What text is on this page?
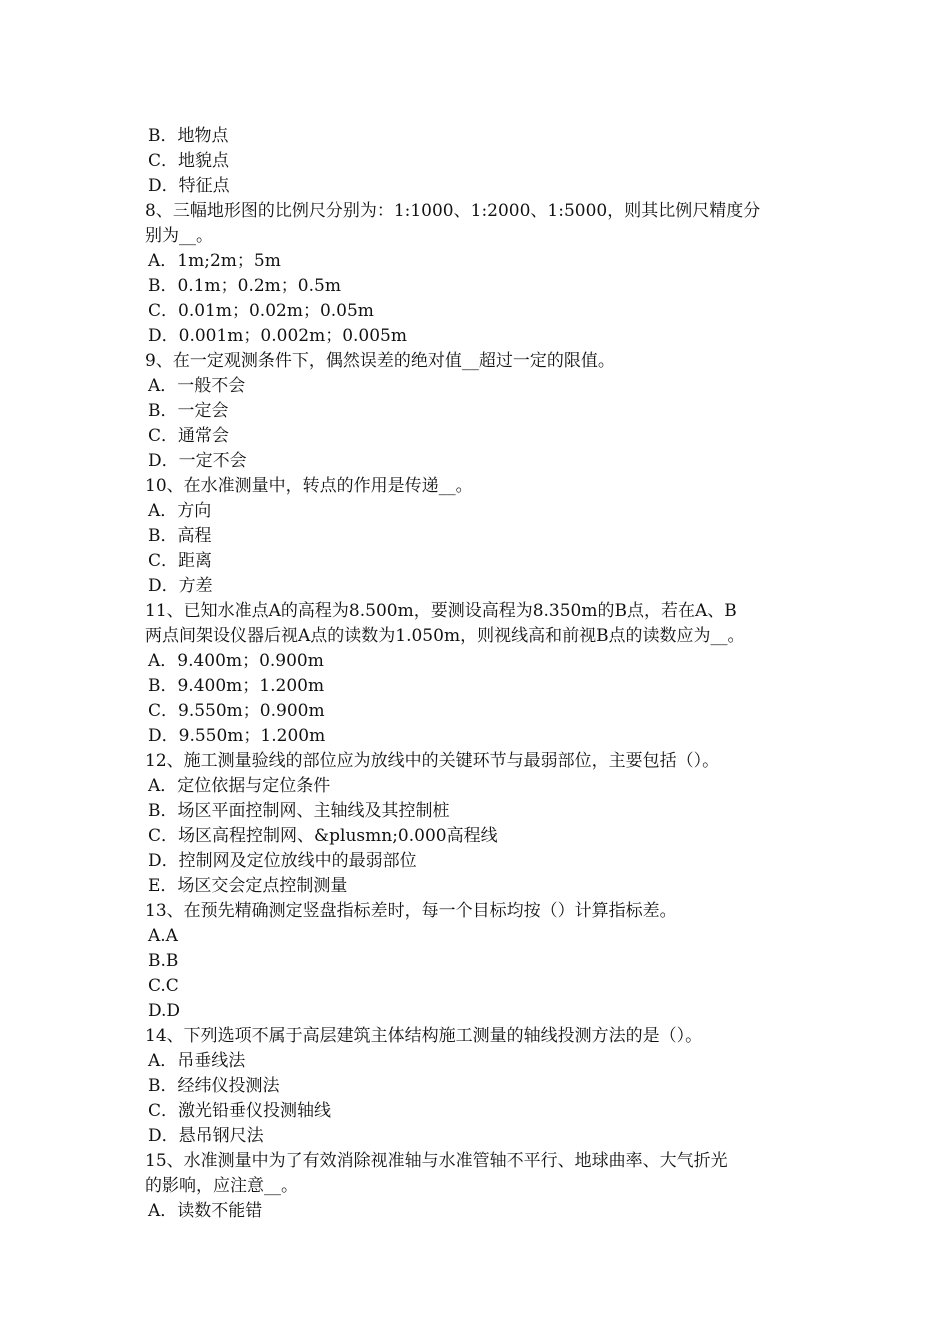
B．地物点
C．地貌点
D．特征点
8、三幅地形图的比例尺分别为：1:1000、1:2000、1:5000，则其比例尺精度分
别为__。
A．1m;2m；5m
B．0.1m；0.2m；0.5m
C．0.01m；0.02m；0.05m
D．0.001m；0.002m；0.005m
9、在一定观测条件下，偶然误差的绝对值__超过一定的限值。
A．一般不会
B．一定会
C．通常会
D．一定不会
10、在水准测量中，转点的作用是传递__。
A．方向
B．高程
C．距离
D．方差
11、已知水准点A的高程为8.500m，要测设高程为8.350m的B点，若在A、B
两点间架设仪器后视A点的读数为1.050m，则视线高和前视B点的读数应为__。
A．9.400m；0.900m
B．9.400m；1.200m
C．9.550m；0.900m
D．9.550m；1.200m
12、施工测量验线的部位应为放线中的关键环节与最弱部位，主要包括（）。
A．定位依据与定位条件
B．场区平面控制网、主轴线及其控制桩
C．场区高程控制网、&plusmn;0.000高程线
D．控制网及定位放线中的最弱部位
E．场区交会定点控制测量
13、在预先精确测定竖盘指标差时，每一个目标均按（）计算指标差。
A.A
B.B
C.C
D.D
14、下列选项不属于高层建筑主体结构施工测量的轴线投测方法的是（）。
A．吊垂线法
B．经纬仪投测法
C．激光铅垂仪投测轴线
D．悬吊钢尺法
15、水准测量中为了有效消除视准轴与水准管轴不平行、地球曲率、大气折光
的影响，应注意__。
A．读数不能错
